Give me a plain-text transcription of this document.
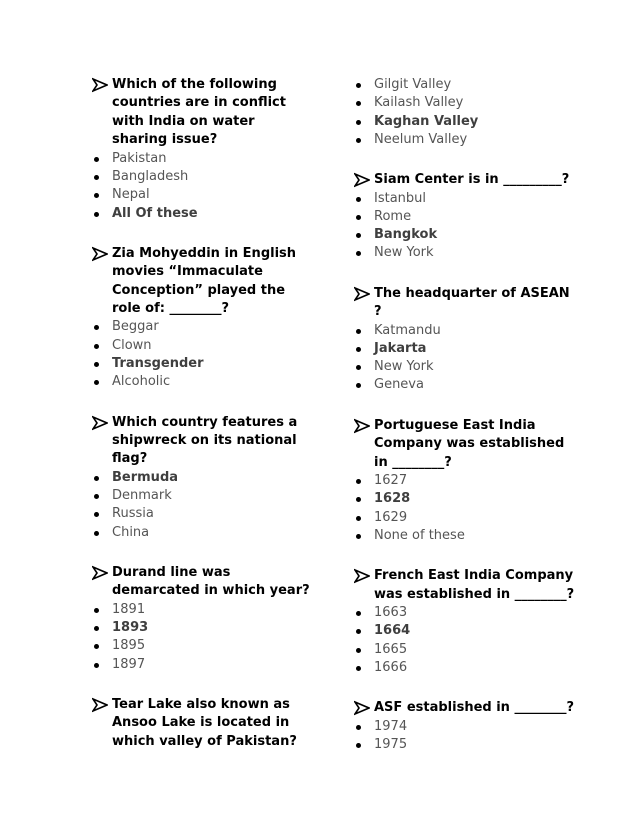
Which of the following countries are in conflict with India on water sharing issue?
Pakistan
Bangladesh
Nepal
All Of these
Zia Mohyeddin in English movies “Immaculate Conception” played the role of: ________?
Beggar
Clown
Transgender
Alcoholic
Which country features a shipwreck on its national flag?
Bermuda
Denmark
Russia
China
Durand line was demarcated in which year?
1891
1893
1895
1897
Tear Lake also known as Ansoo Lake is located in which valley of Pakistan?
Gilgit Valley
Kailash Valley
Kaghan Valley
Neelum Valley
Siam Center is in _________?
Istanbul
Rome
Bangkok
New York
The headquarter of ASEAN ?
Katmandu
Jakarta
New York
Geneva
Portuguese East India Company was established in ________?
1627
1628
1629
None of these
French East India Company was established in ________?
1663
1664
1665
1666
ASF established in ________?
1974
1975
